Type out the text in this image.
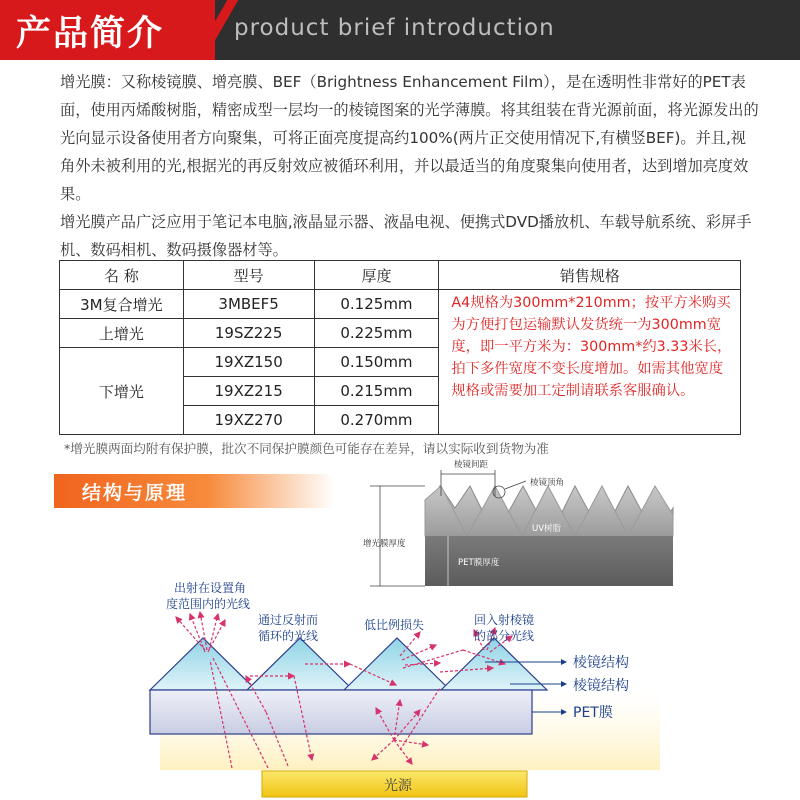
产品简介	product brief introduction

增光膜：又称棱镜膜、增亮膜、BEF（Brightness Enhancement Film），是在透明性非常好的PET表面，使用丙烯酸树脂，精密成型一层均一的棱镜图案的光学薄膜。将其组装在背光源前面，将光源发出的光向显示设备使用者方向聚集，可将正面亮度提高约100%(两片正交使用情况下,有横竖BEF)。并且,视角外未被利用的光,根据光的再反射效应被循环利用，并以最适当的角度聚集向使用者，达到增加亮度效果。

增光膜产品广泛应用于笔记本电脑,液晶显示器、液晶电视、便携式DVD播放机、车载导航系统、彩屏手机、数码相机、数码摄像器材等。

名 称	型号	厚度	销售规格
3M复合增光	3MBEF5	0.125mm	A4规格为300mm*210mm；按平方米购买为方便打包运输默认发货统一为300mm宽度，即一平方米为：300mm*约3.33米长，拍下多件宽度不变长度增加。如需其他宽度规格或需要加工定制请联系客服确认。
上增光	19SZ225	0.225mm	
下增光	19XZ150	0.150mm	
	19XZ215	0.215mm	
	19XZ270	0.270mm	
*增光膜两面均附有保护膜，批次不同保护膜颜色可能存在差异，请以实际收到货物为准
结构与原理
UV树脂
PET膜厚度
棱镜间距
棱镜顶角
增光膜厚度
光源
出射在设置角 度范围内的光线
通过反射而 循环的光线
低比例损失	回入射棱镜 的部分光线
棱镜结构
棱镜结构
PET膜
